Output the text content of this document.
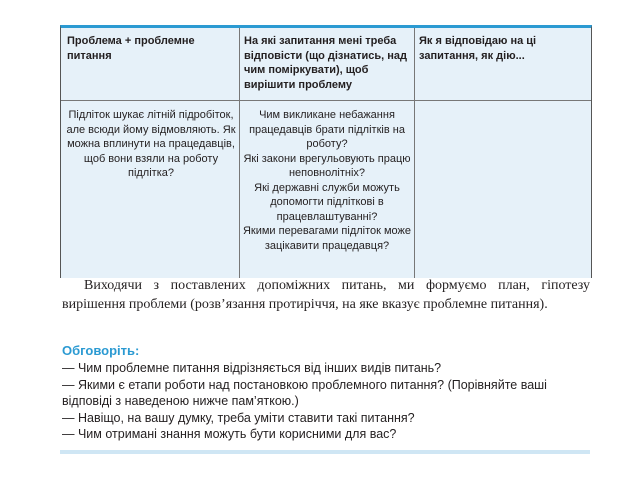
Проблема + проблемне питання
На які запитання мені треба відповісти (що дізнатись, над чим поміркувати), щоб вирішити проблему
Як я відповідаю на ці запитання, як дію...
Підліток шукає літній підробіток, але всюди йому відмовляють. Як можна вплинути на працедавців, щоб вони взяли на роботу підлітка?
Чим викликане небажання працедавців брати підлітків на роботу?
Які закони врегульовують працю неповнолітніх?
Які державні служби можуть допомогти підліткові в працевлаштуванні?
Якими перевагами підліток може зацікавити працедавця?
Виходячи з поставлених допоміжних питань, ми формуємо план, гіпотезу вирішення проблеми (розв’язання протиріччя, на яке вказує проблемне питання).
Обговоріть:
— Чим проблемне питання відрізняється від інших видів питань?
— Якими є етапи роботи над постановкою проблемного питання? (Порівняйте ваші відповіді з наведеною нижче пам’яткою.)
— Навіщо, на вашу думку, треба уміти ставити такі питання?
— Чим отримані знання можуть бути корисними для вас?
